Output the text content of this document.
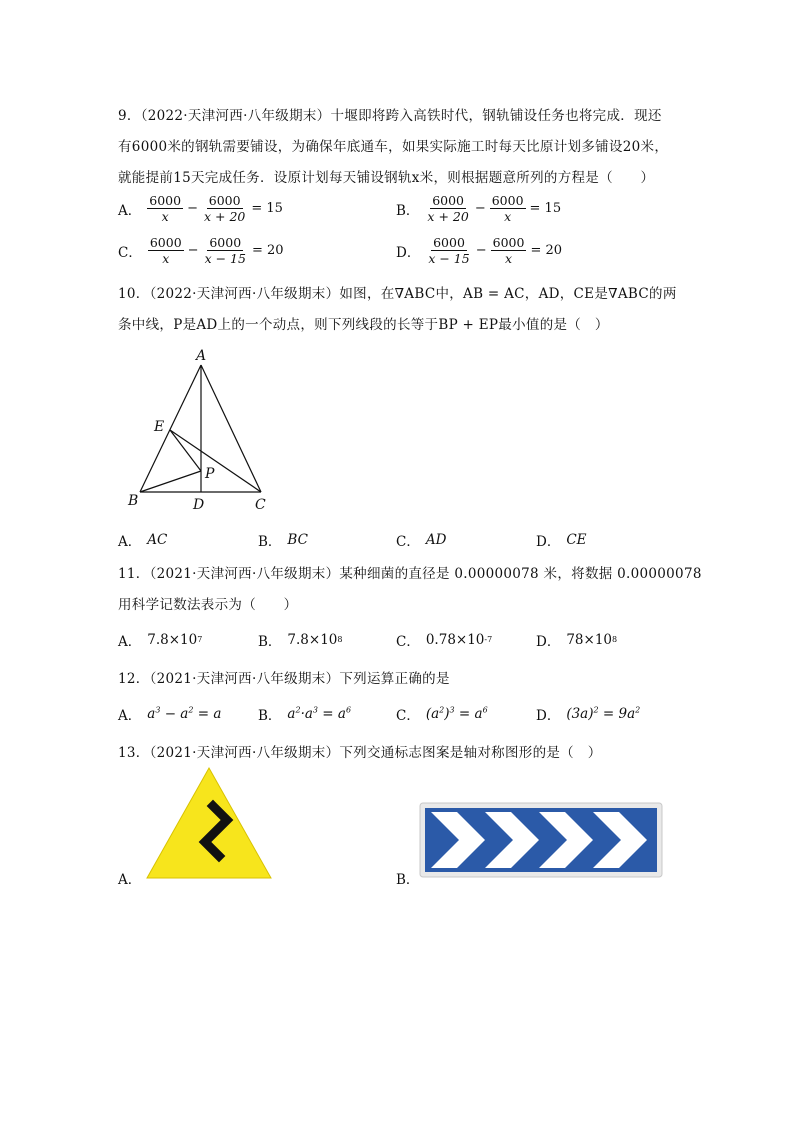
9．（2022·天津河西·八年级期末）十堰即将跨入高铁时代，钢轨铺设任务也将完成．现还
有6000米的钢轨需要铺设，为确保年底通车，如果实际施工时每天比原计划多铺设20米，
就能提前15天完成任务．设原计划每天铺设钢轨x米，则根据题意所列的方程是（　　）
A． $\frac{6000}{x} - \frac{6000}{x + 20} = 15$	B． $\frac{6000}{x + 20} - \frac{6000}{x} = 15$
C． $\frac{6000}{x} - \frac{6000}{x - 15} = 20$	D． $\frac{6000}{x - 15} - \frac{6000}{x} = 20$
10．（2022·天津河西·八年级期末）如图，在∇ABC中，AB = AC，AD，CE是∇ABC的两
条中线，P是AD上的一个动点，则下列线段的长等于BP + EP最小值的是（　）
A
B	C
D
E
P
A． AC	B． BC	C． AD	D． CE
11．（2021·天津河西·八年级期末）某种细菌的直径是 0.00000078 米，将数据 0.00000078
用科学记数法表示为（　　）
A． 7.8×10 7	B． 7.8×10 8	C． 0.78×10 -7	D． 78×10 8
12．（2021·天津河西·八年级期末）下列运算正确的是
A． $a^3 - a^2 = a$	B． $a^2\cdot a^3 = a^6$	C． $(a^2)^3 = a^6$	D． $(3a)^2 = 9a^2$
13．（2021·天津河西·八年级期末）下列交通标志图案是轴对称图形的是（　）
A．	B．
